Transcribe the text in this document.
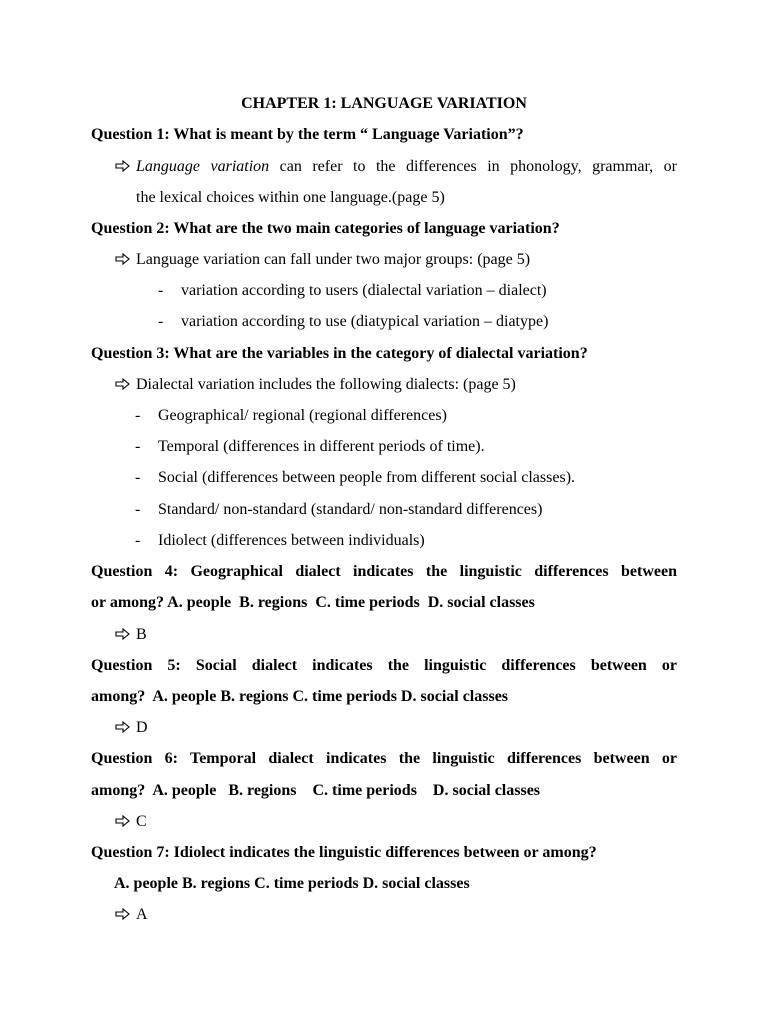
CHAPTER 1: LANGUAGE VARIATION
Question 1: What is meant by the term “ Language Variation”?
Language variation can refer to the differences in phonology, grammar, or
the lexical choices within one language.(page 5)
Question 2: What are the two main categories of language variation?
Language variation can fall under two major groups: (page 5)
- variation according to users (dialectal variation – dialect)
- variation according to use (diatypical variation – diatype)
Question 3: What are the variables in the category of dialectal variation?
Dialectal variation includes the following dialects: (page 5)
- Geographical/ regional (regional differences)
- Temporal (differences in different periods of time).
- Social (differences between people from different social classes).
- Standard/ non-standard (standard/ non-standard differences)
- Idiolect (differences between individuals)
Question 4: Geographical dialect indicates the linguistic differences between
or among? A. people  B. regions  C. time periods  D. social classes
B
Question 5: Social dialect indicates the linguistic differences between or
among?  A. people B. regions C. time periods D. social classes
D
Question 6: Temporal dialect indicates the linguistic differences between or
among?  A. people   B. regions    C. time periods    D. social classes
C
Question 7: Idiolect indicates the linguistic differences between or among?
A. people B. regions C. time periods D. social classes
A
